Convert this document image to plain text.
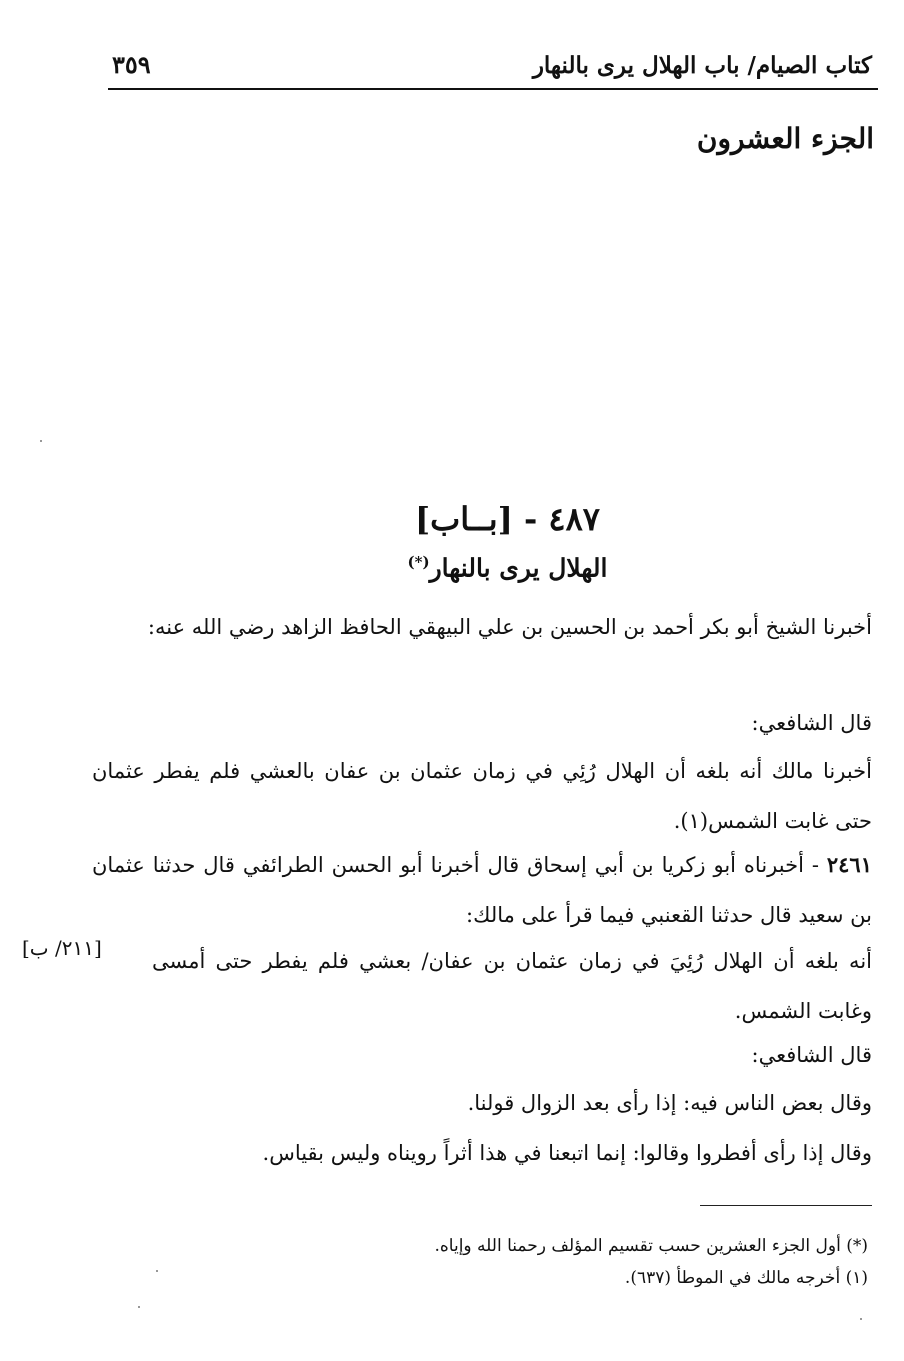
كتاب الصيام/ باب الهلال يرى بالنهار
٣٥٩
الجزء العشرون
٤٨٧ - [بــاب]
الهلال يرى بالنهار(*)
أخبرنا الشيخ أبو بكر أحمد بن الحسين بن علي البيهقي الحافظ الزاهد رضي الله عنه:
قال الشافعي:
أخبرنا مالك أنه بلغه أن الهلال رُئِي في زمان عثمان بن عفان بالعشي فلم يفطر عثمان حتى غابت الشمس(١).
٢٤٦١ - أخبرناه أبو زكريا بن أبي إسحاق قال أخبرنا أبو الحسن الطرائفي قال حدثنا عثمان بن سعيد قال حدثنا القعنبي فيما قرأ على مالك:
أنه بلغه أن الهلال رُئِيَ في زمان عثمان بن عفان/ بعشي فلم يفطر حتى أمسى وغابت الشمس.
[٢١١/ ب]
قال الشافعي:
وقال بعض الناس فيه: إذا رأى بعد الزوال قولنا.
وقال إذا رأى أفطروا وقالوا: إنما اتبعنا في هذا أثراً رويناه وليس بقياس.
(*) أول الجزء العشرين حسب تقسيم المؤلف رحمنا الله وإياه.
(١) أخرجه مالك في الموطأ (٦٣٧).
